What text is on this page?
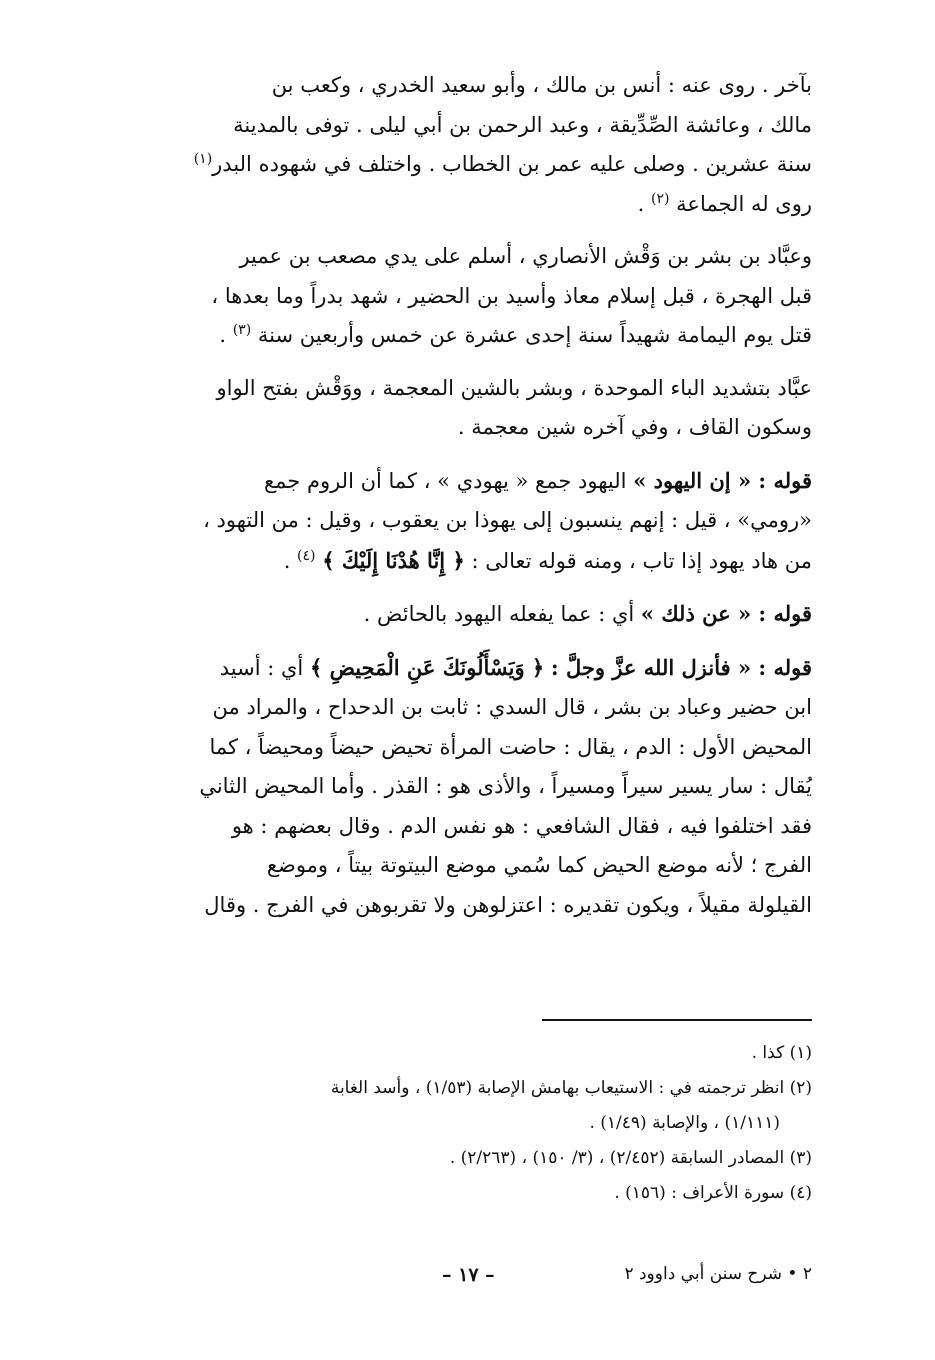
بآخر . روى عنه : أنس بن مالك ، وأبو سعيد الخدري ، وكعب بن
مالك ، وعائشة الصِّدِّيقة ، وعبد الرحمن بن أبي ليلى . توفى بالمدينة
سنة عشرين . وصلى عليه عمر بن الخطاب . واختلف في شهوده البدر$^{(١)}$
روى له الجماعة $^{(٢)}$ .

وعبَّاد بن بشر بن وَقْش الأنصاري ، أسلم على يدي مصعب بن عمير
قبل الهجرة ، قبل إسلام معاذ وأسيد بن الحضير ، شهد بدراً وما بعدها ،
قتل يوم اليمامة شهيداً سنة إحدى عشرة عن خمس وأربعين سنة $^{(٣)}$ .

عبَّاد بتشديد الباء الموحدة ، وبشر بالشين المعجمة ، ووَقْش بفتح الواو
وسكون القاف ، وفي آخره شين معجمة .

قوله : « إن اليهود » اليهود جمع « يهودي » ، كما أن الروم جمع
«رومي» ، قيل : إنهم ينسبون إلى يهوذا بن يعقوب ، وقيل : من التهود ،
من هاد يهود إذا تاب ، ومنه قوله تعالى : ﴿ إِنَّا هُدْنَا إِلَيْكَ ﴾ $^{(٤)}$ .

قوله : « عن ذلك » أي : عما يفعله اليهود بالحائض .

قوله : « فأنزل الله عزَّ وجلَّ : ﴿ وَيَسْأَلُونَكَ عَنِ الْمَحِيضِ ﴾ أي : أسيد
ابن حضير وعباد بن بشر ، قال السدي : ثابت بن الدحداح ، والمراد من
المحيض الأول : الدم ، يقال : حاضت المرأة تحيض حيضاً ومحيضاً ، كما
يُقال : سار يسير سيراً ومسيراً ، والأذى هو : القذر . وأما المحيض الثاني
فقد اختلفوا فيه ، فقال الشافعي : هو نفس الدم . وقال بعضهم : هو
الفرج ؛ لأنه موضع الحيض كما سُمي موضع البيتوتة بيتاً ، وموضع
القيلولة مقيلاً ، ويكون تقديره : اعتزلوهن ولا تقربوهن في الفرج . وقال

(١) كذا .
(٢) انظر ترجمته في : الاستيعاب بهامش الإصابة (١/٥٣) ، وأسد الغابة
(١/١١١) ، والإصابة (١/٤٩) .
(٣) المصادر السابقة (٢/٤٥٢) ، (٣/ ١٥٠) ، (٢/٢٦٣) .
(٤) سورة الأعراف : (١٥٦) .
٢ • شرح سنن أبي داوود ٢
– ١٧ –
